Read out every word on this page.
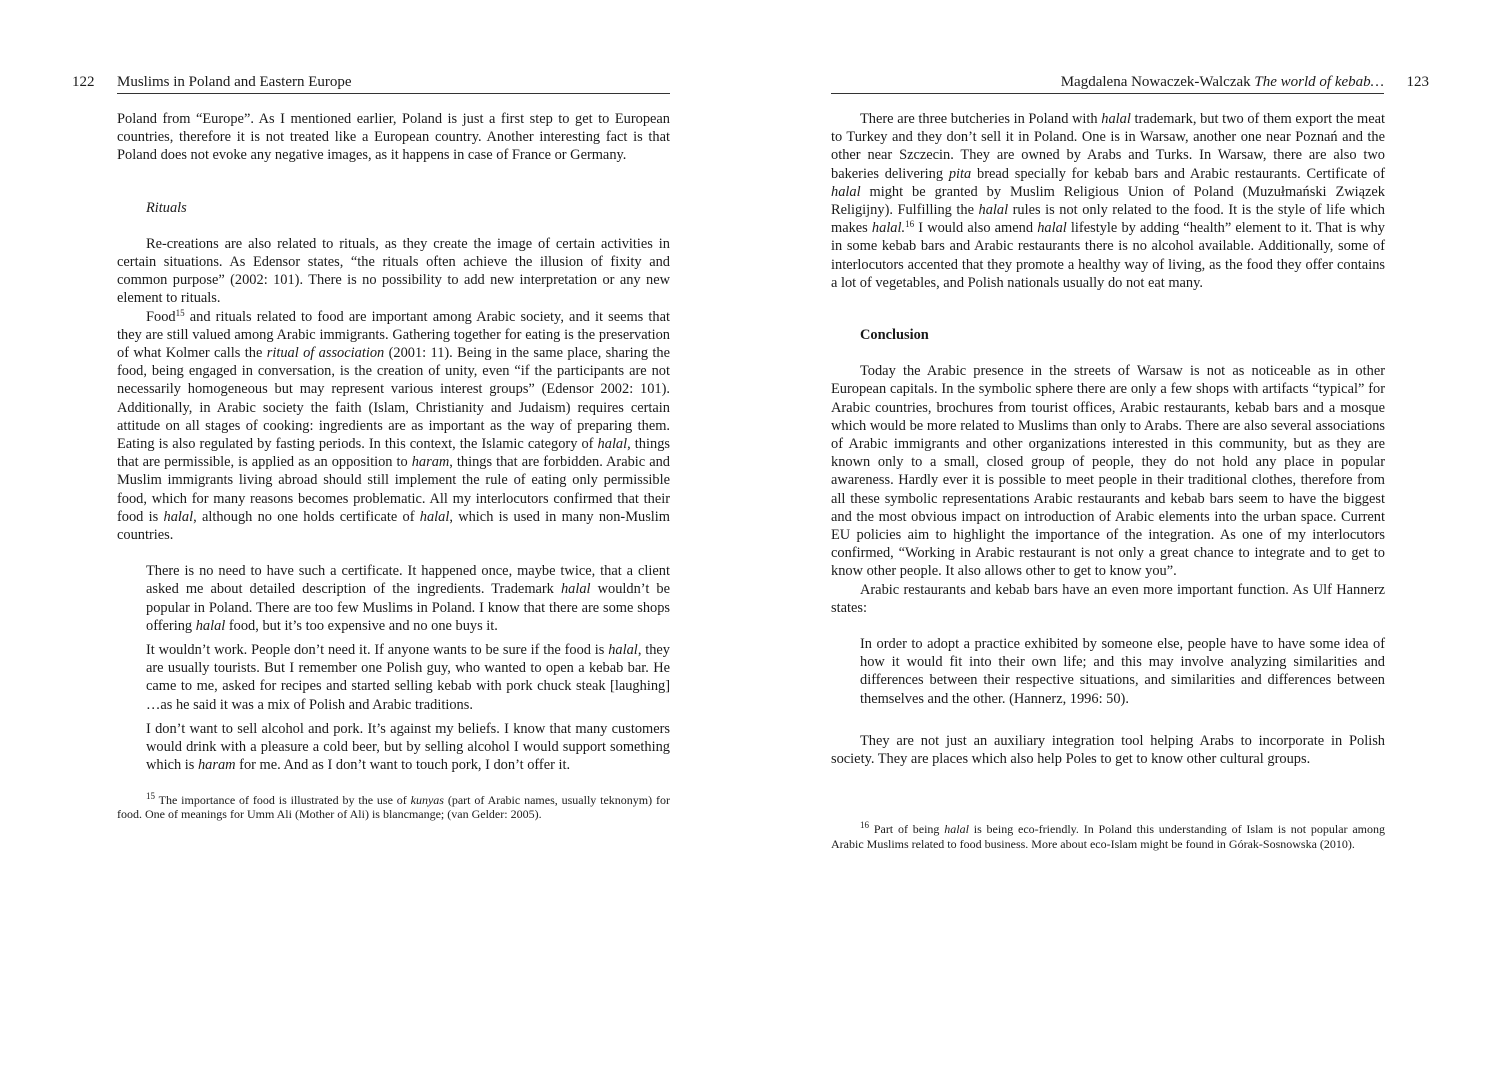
122 Muslims in Poland and Eastern Europe

Poland from “Europe”. As I mentioned earlier, Poland is just a first step to get to European countries, therefore it is not treated like a European country. Another interesting fact is that Poland does not evoke any negative images, as it happens in case of France or Germany.

Rituals

Re-creations are also related to rituals, as they create the image of certain activities in certain situations. As Edensor states, “the rituals often achieve the illusion of fixity and common purpose” (2002: 101). There is no possibility to add new interpretation or any new element to rituals.

Food$^{15}$ and rituals related to food are important among Arabic society, and it seems that they are still valued among Arabic immigrants. Gathering together for eating is the preservation of what Kolmer calls the ritual of association (2001: 11). Being in the same place, sharing the food, being engaged in conversation, is the creation of unity, even “if the participants are not necessarily homogeneous but may represent various interest groups” (Edensor 2002: 101). Additionally, in Arabic society the faith (Islam, Christianity and Judaism) requires certain attitude on all stages of cooking: ingredients are as important as the way of preparing them. Eating is also regulated by fasting periods. In this context, the Islamic category of halal, things that are permissible, is applied as an opposition to haram, things that are forbidden. Arabic and Muslim immigrants living abroad should still implement the rule of eating only permissible food, which for many reasons becomes problematic. All my interlocutors confirmed that their food is halal, although no one holds certificate of halal, which is used in many non-Muslim countries.

There is no need to have such a certificate. It happened once, maybe twice, that a client asked me about detailed description of the ingredients. Trademark halal wouldn’t be popular in Poland. There are too few Muslims in Poland. I know that there are some shops offering halal food, but it’s too expensive and no one buys it.

It wouldn’t work. People don’t need it. If anyone wants to be sure if the food is halal, they are usually tourists. But I remember one Polish guy, who wanted to open a kebab bar. He came to me, asked for recipes and started selling kebab with pork chuck steak [laughing] …as he said it was a mix of Polish and Arabic traditions.

I don’t want to sell alcohol and pork. It’s against my beliefs. I know that many customers would drink with a pleasure a cold beer, but by selling alcohol I would support something which is haram for me. And as I don’t want to touch pork, I don’t offer it.

$^{15}$ The importance of food is illustrated by the use of kunyas (part of Arabic names, usually teknonym) for food. One of meanings for Umm Ali (Mother of Ali) is blancmange; (van Gelder: 2005).

Magdalena Nowaczek-Walczak The world of kebab… 123

There are three butcheries in Poland with halal trademark, but two of them export the meat to Turkey and they don’t sell it in Poland. One is in Warsaw, another one near Poznań and the other near Szczecin. They are owned by Arabs and Turks. In Warsaw, there are also two bakeries delivering pita bread specially for kebab bars and Arabic restaurants. Certificate of halal might be granted by Muslim Religious Union of Poland (Muzułmański Związek Religijny). Fulfilling the halal rules is not only related to the food. It is the style of life which makes halal.$^{16}$ I would also amend halal lifestyle by adding “health” element to it. That is why in some kebab bars and Arabic restaurants there is no alcohol available. Additionally, some of interlocutors accented that they promote a healthy way of living, as the food they offer contains a lot of vegetables, and Polish nationals usually do not eat many.

Conclusion

Today the Arabic presence in the streets of Warsaw is not as noticeable as in other European capitals. In the symbolic sphere there are only a few shops with artifacts “typical” for Arabic countries, brochures from tourist offices, Arabic restaurants, kebab bars and a mosque which would be more related to Muslims than only to Arabs. There are also several associations of Arabic immigrants and other organizations interested in this community, but as they are known only to a small, closed group of people, they do not hold any place in popular awareness. Hardly ever it is possible to meet people in their traditional clothes, therefore from all these symbolic representations Arabic restaurants and kebab bars seem to have the biggest and the most obvious impact on introduction of Arabic elements into the urban space. Current EU policies aim to highlight the importance of the integration. As one of my interlocutors confirmed, “Working in Arabic restaurant is not only a great chance to integrate and to get to know other people. It also allows other to get to know you”.

Arabic restaurants and kebab bars have an even more important function. As Ulf Hannerz states:

In order to adopt a practice exhibited by someone else, people have to have some idea of how it would fit into their own life; and this may involve analyzing similarities and differences between their respective situations, and similarities and differences between themselves and the other. (Hannerz, 1996: 50).

They are not just an auxiliary integration tool helping Arabs to incorporate in Polish society. They are places which also help Poles to get to know other cultural groups.

$^{16}$ Part of being halal is being eco-friendly. In Poland this understanding of Islam is not popular among Arabic Muslims related to food business. More about eco-Islam might be found in Górak-Sosnowska (2010).
